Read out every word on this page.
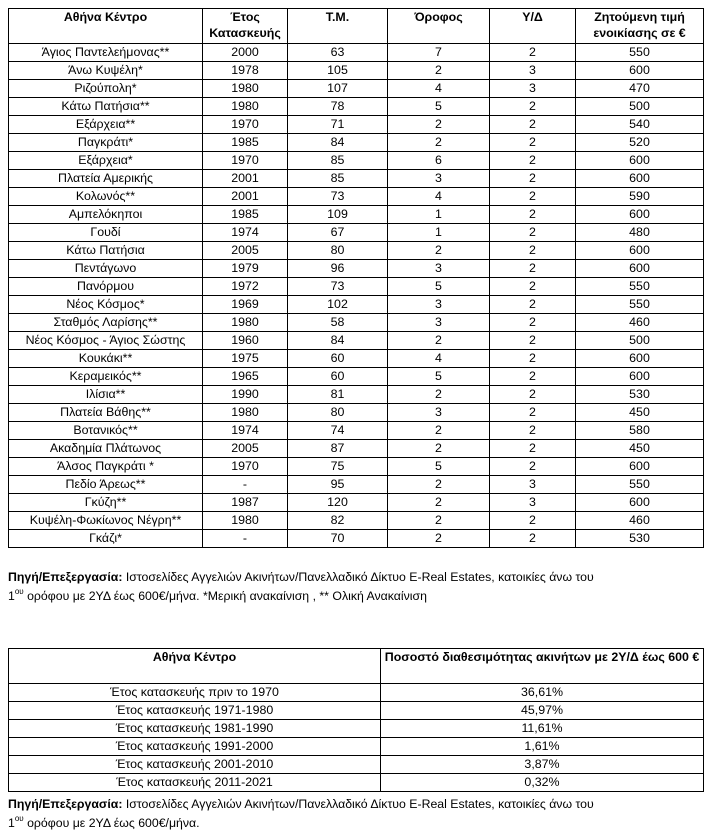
Αθήνα Κέντρο	Έτος Κατασκευής	Τ.Μ.	Όροφος	Υ/Δ	Ζητούμενη τιμή ενοικίασης σε €
Άγιος Παντελεήμονας**	2000	63	7	2	550
Άνω Κυψέλη*	1978	105	2	3	600
Ριζούπολη*	1980	107	4	3	470
Κάτω Πατήσια**	1980	78	5	2	500
Εξάρχεια**	1970	71	2	2	540
Παγκράτι*	1985	84	2	2	520
Εξάρχεια*	1970	85	6	2	600
Πλατεία Αμερικής	2001	85	3	2	600
Κολωνός**	2001	73	4	2	590
Αμπελόκηποι	1985	109	1	2	600
Γουδί	1974	67	1	2	480
Κάτω Πατήσια	2005	80	2	2	600
Πεντάγωνο	1979	96	3	2	600
Πανόρμου	1972	73	5	2	550
Νέος Κόσμος*	1969	102	3	2	550
Σταθμός Λαρίσης**	1980	58	3	2	460
Νέος Κόσμος - Άγιος Σώστης	1960	84	2	2	500
Κουκάκι**	1975	60	4	2	600
Κεραμεικός**	1965	60	5	2	600
Ιλίσια**	1990	81	2	2	530
Πλατεία Βάθης**	1980	80	3	2	450
Βοτανικός**	1974	74	2	2	580
Ακαδημία Πλάτωνος	2005	87	2	2	450
Άλσος Παγκράτι *	1970	75	5	2	600
Πεδίο Άρεως**	-	95	2	3	550
Γκύζη**	1987	120	2	3	600
Κυψέλη-Φωκίωνος Νέγρη**	1980	82	2	2	460
Γκάζι*	-	70	2	2	530
Πηγή/Επεξεργασία: Ιστοσελίδες Αγγελιών Ακινήτων/Πανελλαδικό Δίκτυο E-Real Estates, κατοικίες άνω του
$1^{o\upsilon}$ ορόφου με 2ΥΔ έως 600€/μήνα. *Μερική ανακαίνιση , ** Ολική Ανακαίνιση
Αθήνα Κέντρο	Ποσοστό διαθεσιμότητας ακινήτων με 2Υ/Δ έως 600 €
Έτος κατασκευής πριν το 1970	36,61%
Έτος κατασκευής 1971-1980	45,97%
Έτος κατασκευής 1981-1990	11,61%
Έτος κατασκευής 1991-2000	1,61%
Έτος κατασκευής 2001-2010	3,87%
Έτος κατασκευής 2011-2021	0,32%
Πηγή/Επεξεργασία: Ιστοσελίδες Αγγελιών Ακινήτων/Πανελλαδικό Δίκτυο E-Real Estates, κατοικίες άνω του
$1^{o\upsilon}$ ορόφου με 2ΥΔ έως 600€/μήνα.
